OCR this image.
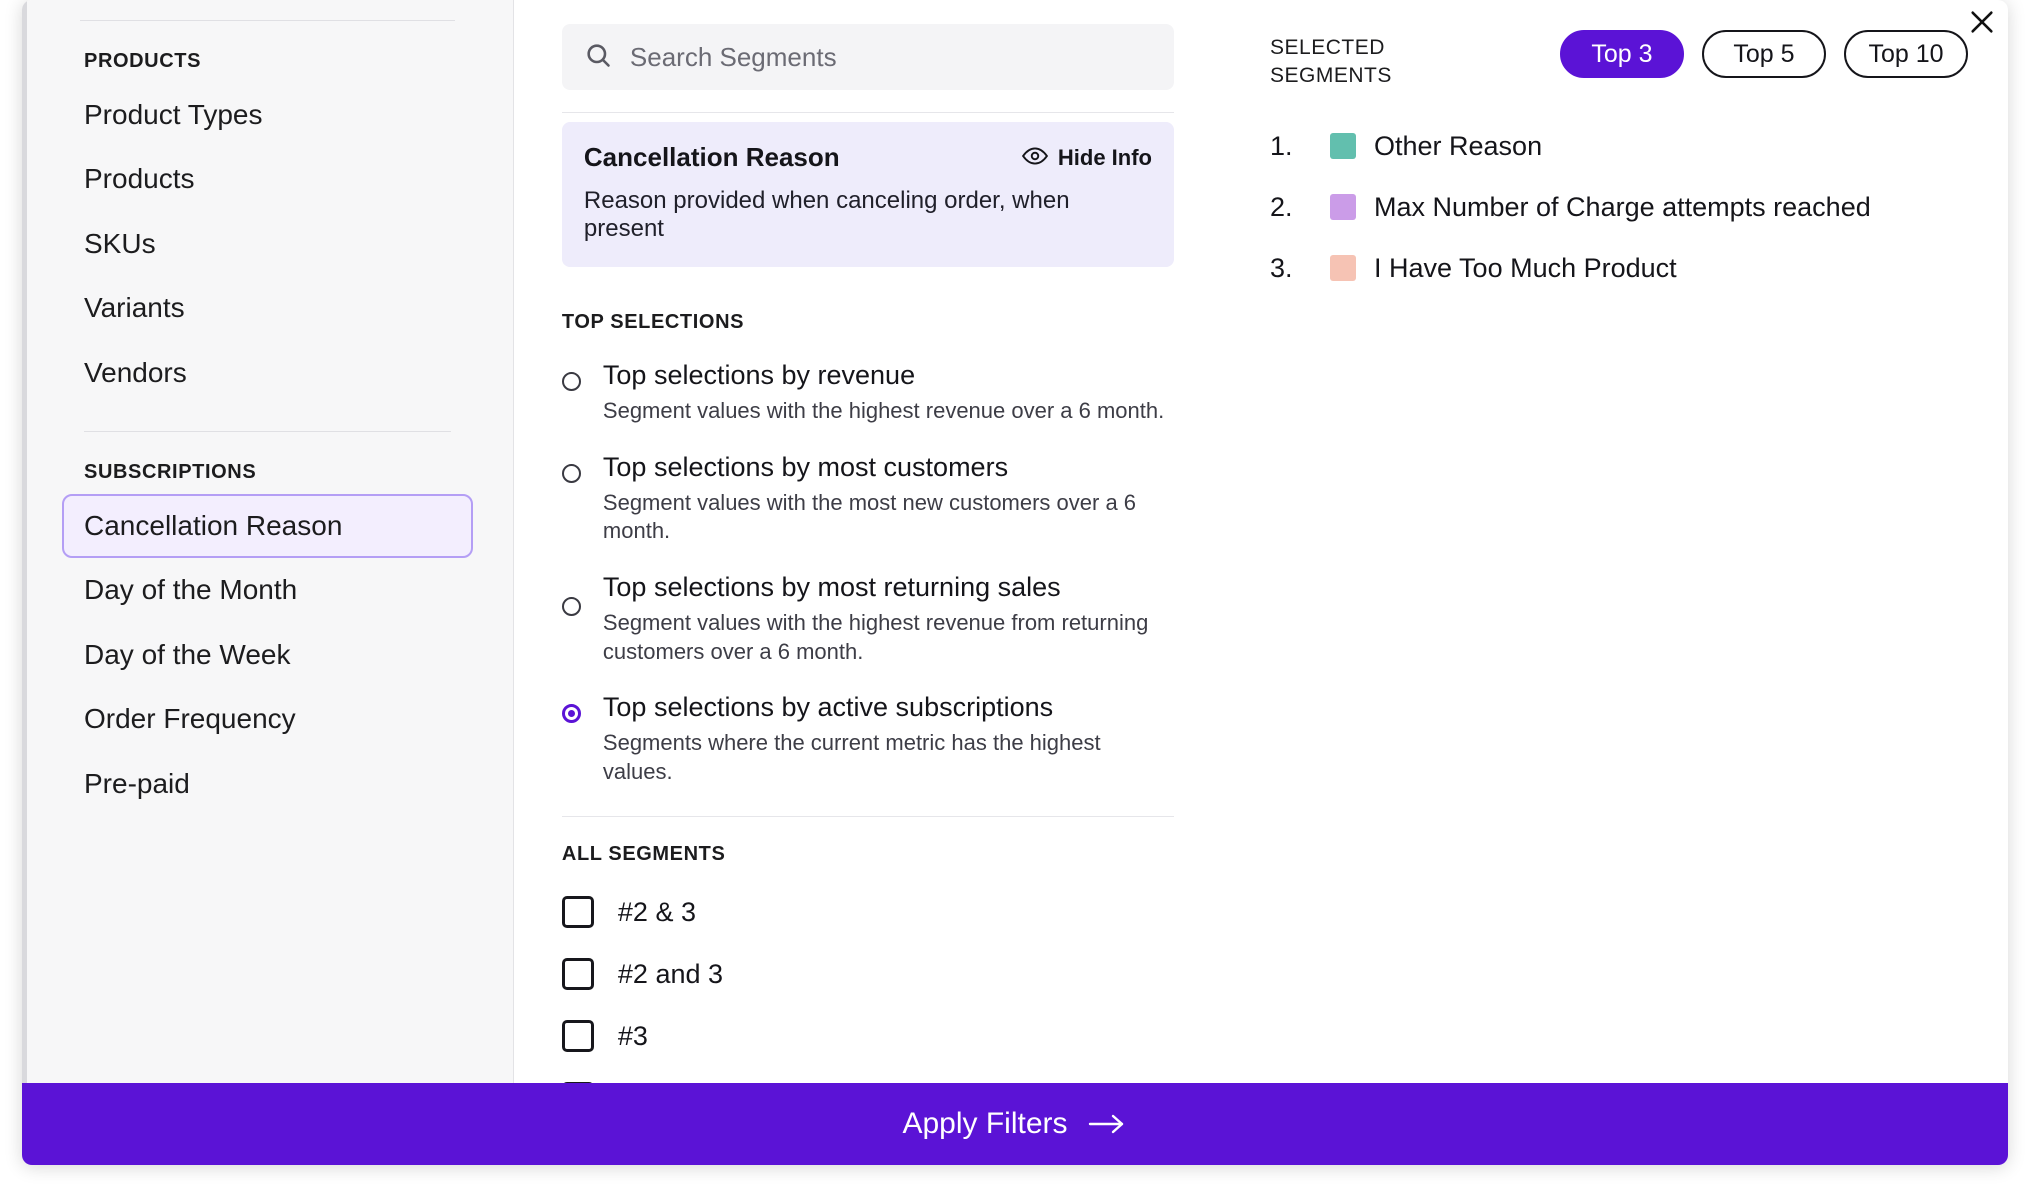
PRODUCTS
Product Types
Products
SKUs
Variants
Vendors
SUBSCRIPTIONS
Cancellation Reason
Day of the Month
Day of the Week
Order Frequency
Pre-paid
Search Segments
Cancellation Reason	Hide Info
Reason provided when canceling order, when present
TOP SELECTIONS
Top selections by revenue
Segment values with the highest revenue over a 6 month.
Top selections by most customers
Segment values with the most new customers over a 6 month.
Top selections by most returning sales
Segment values with the highest revenue from returning customers over a 6 month.
Top selections by active subscriptions
Segments where the current metric has the highest values.
ALL SEGMENTS
#2 & 3
#2 and 3
#3
SELECTED SEGMENTS
Top 3	Top 5	Top 10
1.	Other Reason
2.	Max Number of Charge attempts reached
3.	I Have Too Much Product
Apply Filters
